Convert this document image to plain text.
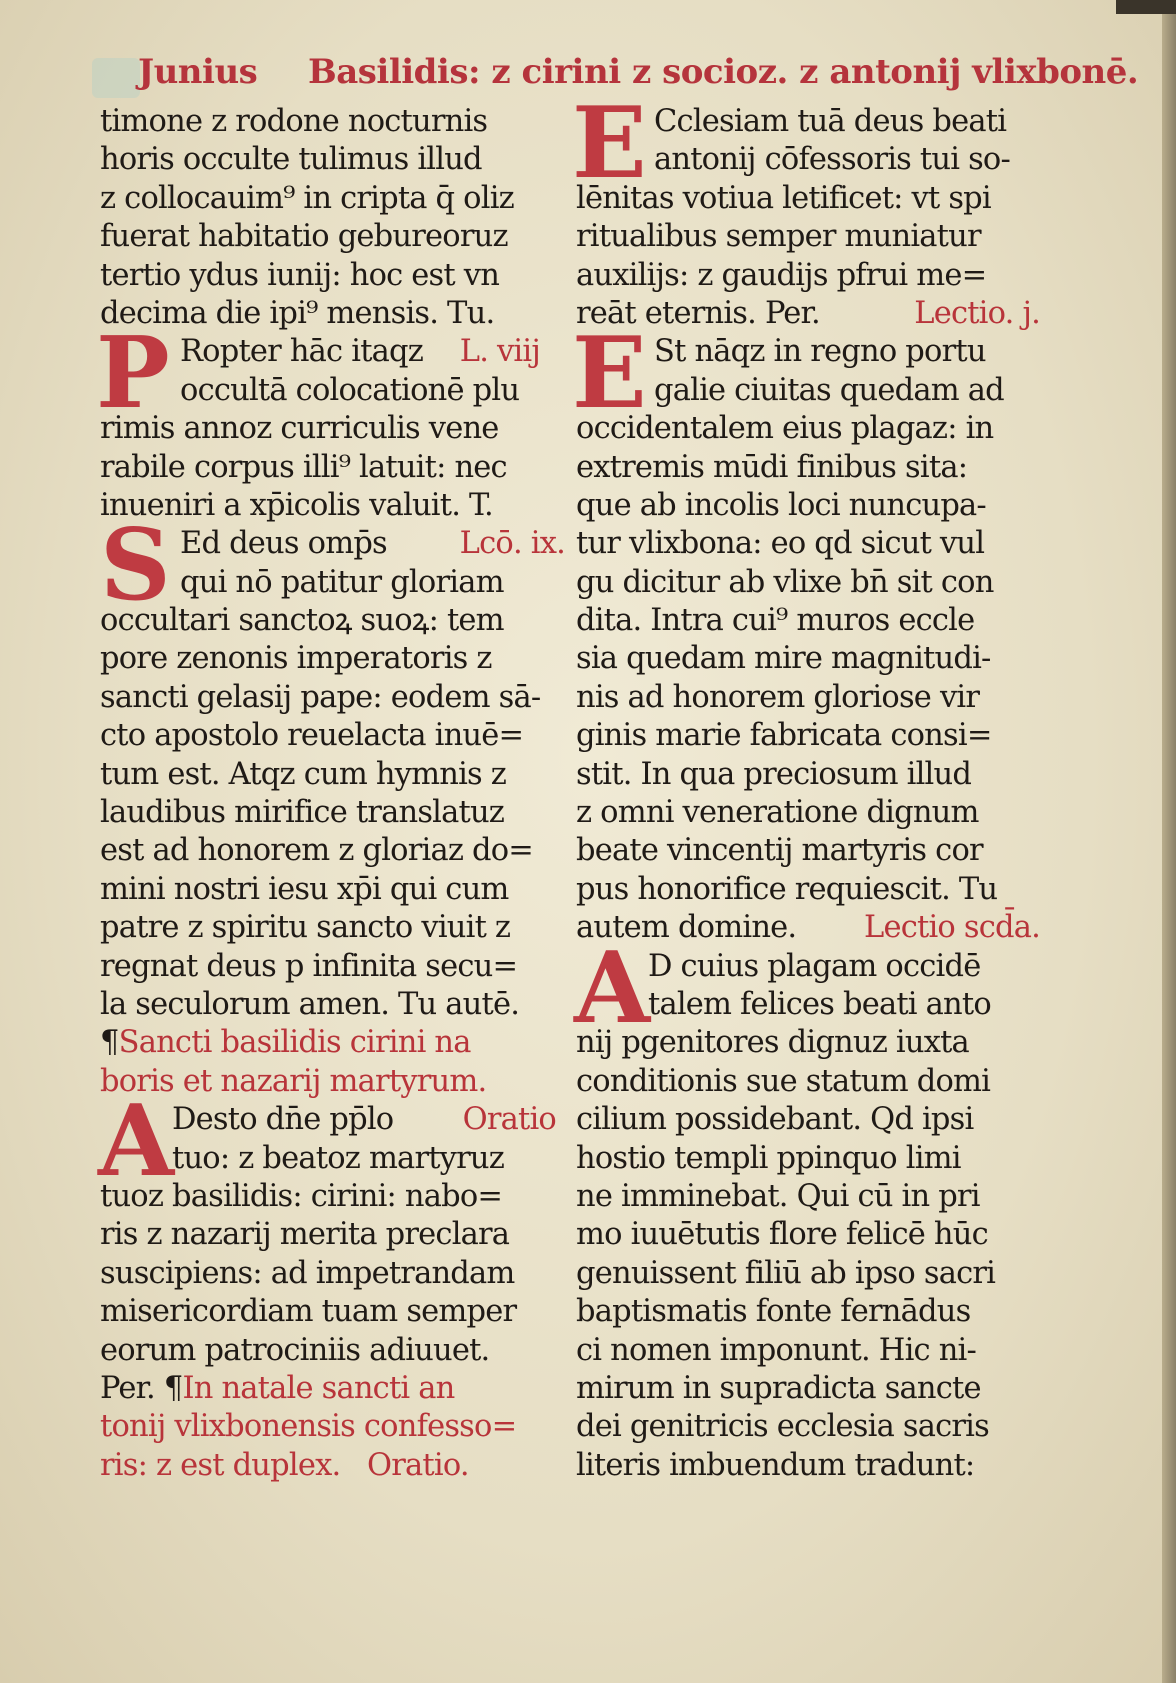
Junius Basilidis: z cirini z socioz. z antonij vlixbonē.
timone z rodone nocturnis
horis occulte tulimus illud
z collocauim⁹ in cripta q̄ oliz
fuerat habitatio gebureoruz
tertio ydus iunij: hoc est vn
decima die ipi⁹ mensis. Tu.
P Ropter hāc itaqz L. viij
occultā colocationē plu
rimis annoz curriculis vene
rabile corpus illi⁹ latuit: nec
inueniri a xp̄icolis valuit. T.
S Ed deus omp̄s Lcō. ix.
qui nō patitur gloriam
occultari sanctoꝝ suoꝝ: tem
pore zenonis imperatoris z
sancti gelasij pape: eodem sā-
cto apostolo reuelacta inuē=
tum est. Atqz cum hymnis z
laudibus mirifice translatuz
est ad honorem z gloriaz do=
mini nostri iesu xp̄i qui cum
patre z spiritu sancto viuit z
regnat deus p infinita secu=
la seculorum amen. Tu autē.
¶Sancti basilidis cirini na
boris et nazarij martyrum.
A
Desto dn̄e pp̄lo Oratio
tuo: z beatoz martyruz
tuoz basilidis: cirini: nabo=
ris z nazarij merita preclara
suscipiens: ad impetrandam
misericordiam tuam semper
eorum patrociniis adiuuet.
Per. ¶In natale sancti an
tonij vlixbonensis confesso=
ris: z est duplex.   Oratio.
E Cclesiam tuā deus beati
antonij cōfessoris tui so-
lēnitas votiua letificet: vt spi
ritualibus semper muniatur
auxilijs: z gaudijs pfrui me=
reāt eternis. Per.	Lectio. j.
E St nāqz in regno portu
galie ciuitas quedam ad
occidentalem eius plagaz: in
extremis mūdi finibus sita:
que ab incolis loci nuncupa-
tur vlixbona: eo qd sicut vul
gu dicitur ab vlixe bn̄ sit con
dita. Intra cui⁹ muros eccle
sia quedam mire magnitudi-
nis ad honorem gloriose vir
ginis marie fabricata consi=
stit. In qua preciosum illud
z omni veneratione dignum
beate vincentij martyris cor
pus honorifice requiescit. Tu
autem domine. Lectio scd̄a.
A
D cuius plagam occidē
talem felices beati anto
nij pgenitores dignuz iuxta
conditionis sue statum domi
cilium possidebant. Qd ipsi
hostio templi ppinquo limi
ne imminebat. Qui cū in pri
mo iuuētutis flore felicē hūc
genuissent filiū ab ipso sacri
baptismatis fonte fernādus
ci nomen imponunt. Hic ni-
mirum in supradicta sancte
dei genitricis ecclesia sacris
literis imbuendum tradunt:
